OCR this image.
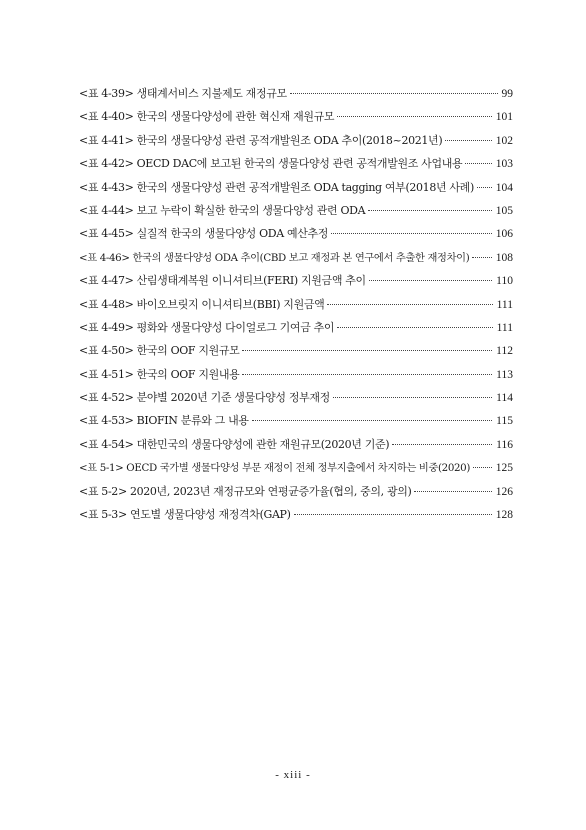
<표 4-39> 생태계서비스 지불제도 재정규모	99
<표 4-40> 한국의 생물다양성에 관한 혁신재 재원규모	101
<표 4-41> 한국의 생물다양성 관련 공적개발원조 ODA 추이(2018~2021년)	102
<표 4-42> OECD DAC에 보고된 한국의 생물다양성 관련 공적개발원조 사업내용	103
<표 4-43> 한국의 생물다양성 관련 공적개발원조 ODA tagging 여부(2018년 사례)	104
<표 4-44> 보고 누락이 확실한 한국의 생물다양성 관련 ODA	105
<표 4-45> 실질적 한국의 생물다양성 ODA 예산추정	106
<표 4-46> 한국의 생물다양성 ODA 추이(CBD 보고 재정과 본 연구에서 추출한 재정차이)	108
<표 4-47> 산림생태계복원 이니셔티브(FERI) 지원금액 추이	110
<표 4-48> 바이오브릿지 이니셔티브(BBI) 지원금액	111
<표 4-49> 평화와 생물다양성 다이얼로그 기여금 추이	111
<표 4-50> 한국의 OOF 지원규모	112
<표 4-51> 한국의 OOF 지원내용	113
<표 4-52> 분야별 2020년 기준 생물다양성 정부재정	114
<표 4-53> BIOFIN 분류와 그 내용	115
<표 4-54> 대한민국의 생물다양성에 관한 재원규모(2020년 기준)	116
<표 5-1> OECD 국가별 생물다양성 부문 재정이 전체 정부지출에서 차지하는 비중(2020)	125
<표 5-2> 2020년, 2023년 재정규모와 연평균증가율(협의, 중의, 광의)	126
<표 5-3> 연도별 생물다양성 재정격차(GAP)	128
- xiii -
